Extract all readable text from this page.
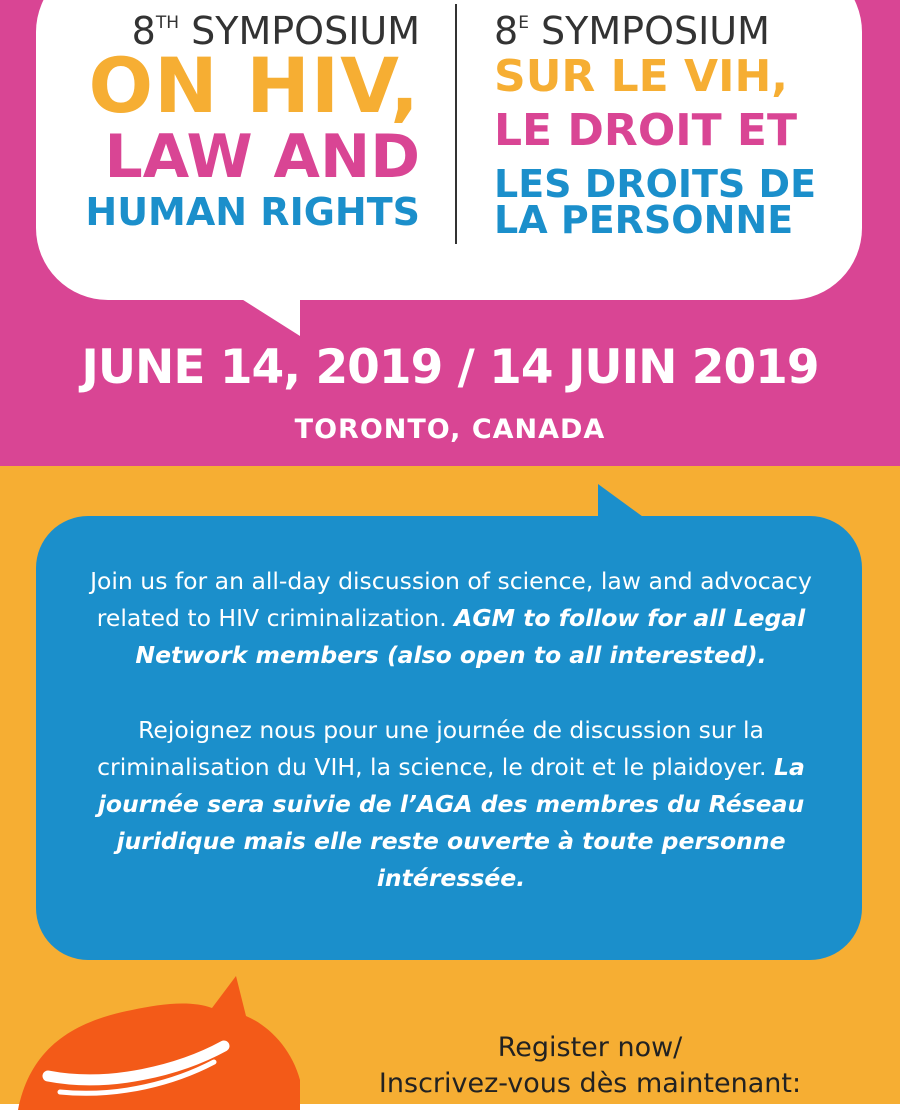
8TH SYMPOSIUM
ON HIV,
LAW AND
HUMAN RIGHTS
$8^E$ SYMPOSIUM
SUR LE VIH,
LE DROIT ET
LES DROITS DE
LA PERSONNE
JUNE 14, 2019 / 14 JUIN 2019
TORONTO, CANADA

Join us for an all-day discussion of science, law and advocacy related to HIV criminalization. AGM to follow for all Legal Network members (also open to all interested).

Rejoignez nous pour une journée de discussion sur la criminalisation du VIH, la science, le droit et le plaidoyer. La journée sera suivie de l’AGA des membres du Réseau juridique mais elle reste ouverte à toute personne intéressée.

Register now/
Inscrivez-vous dès maintenant:
